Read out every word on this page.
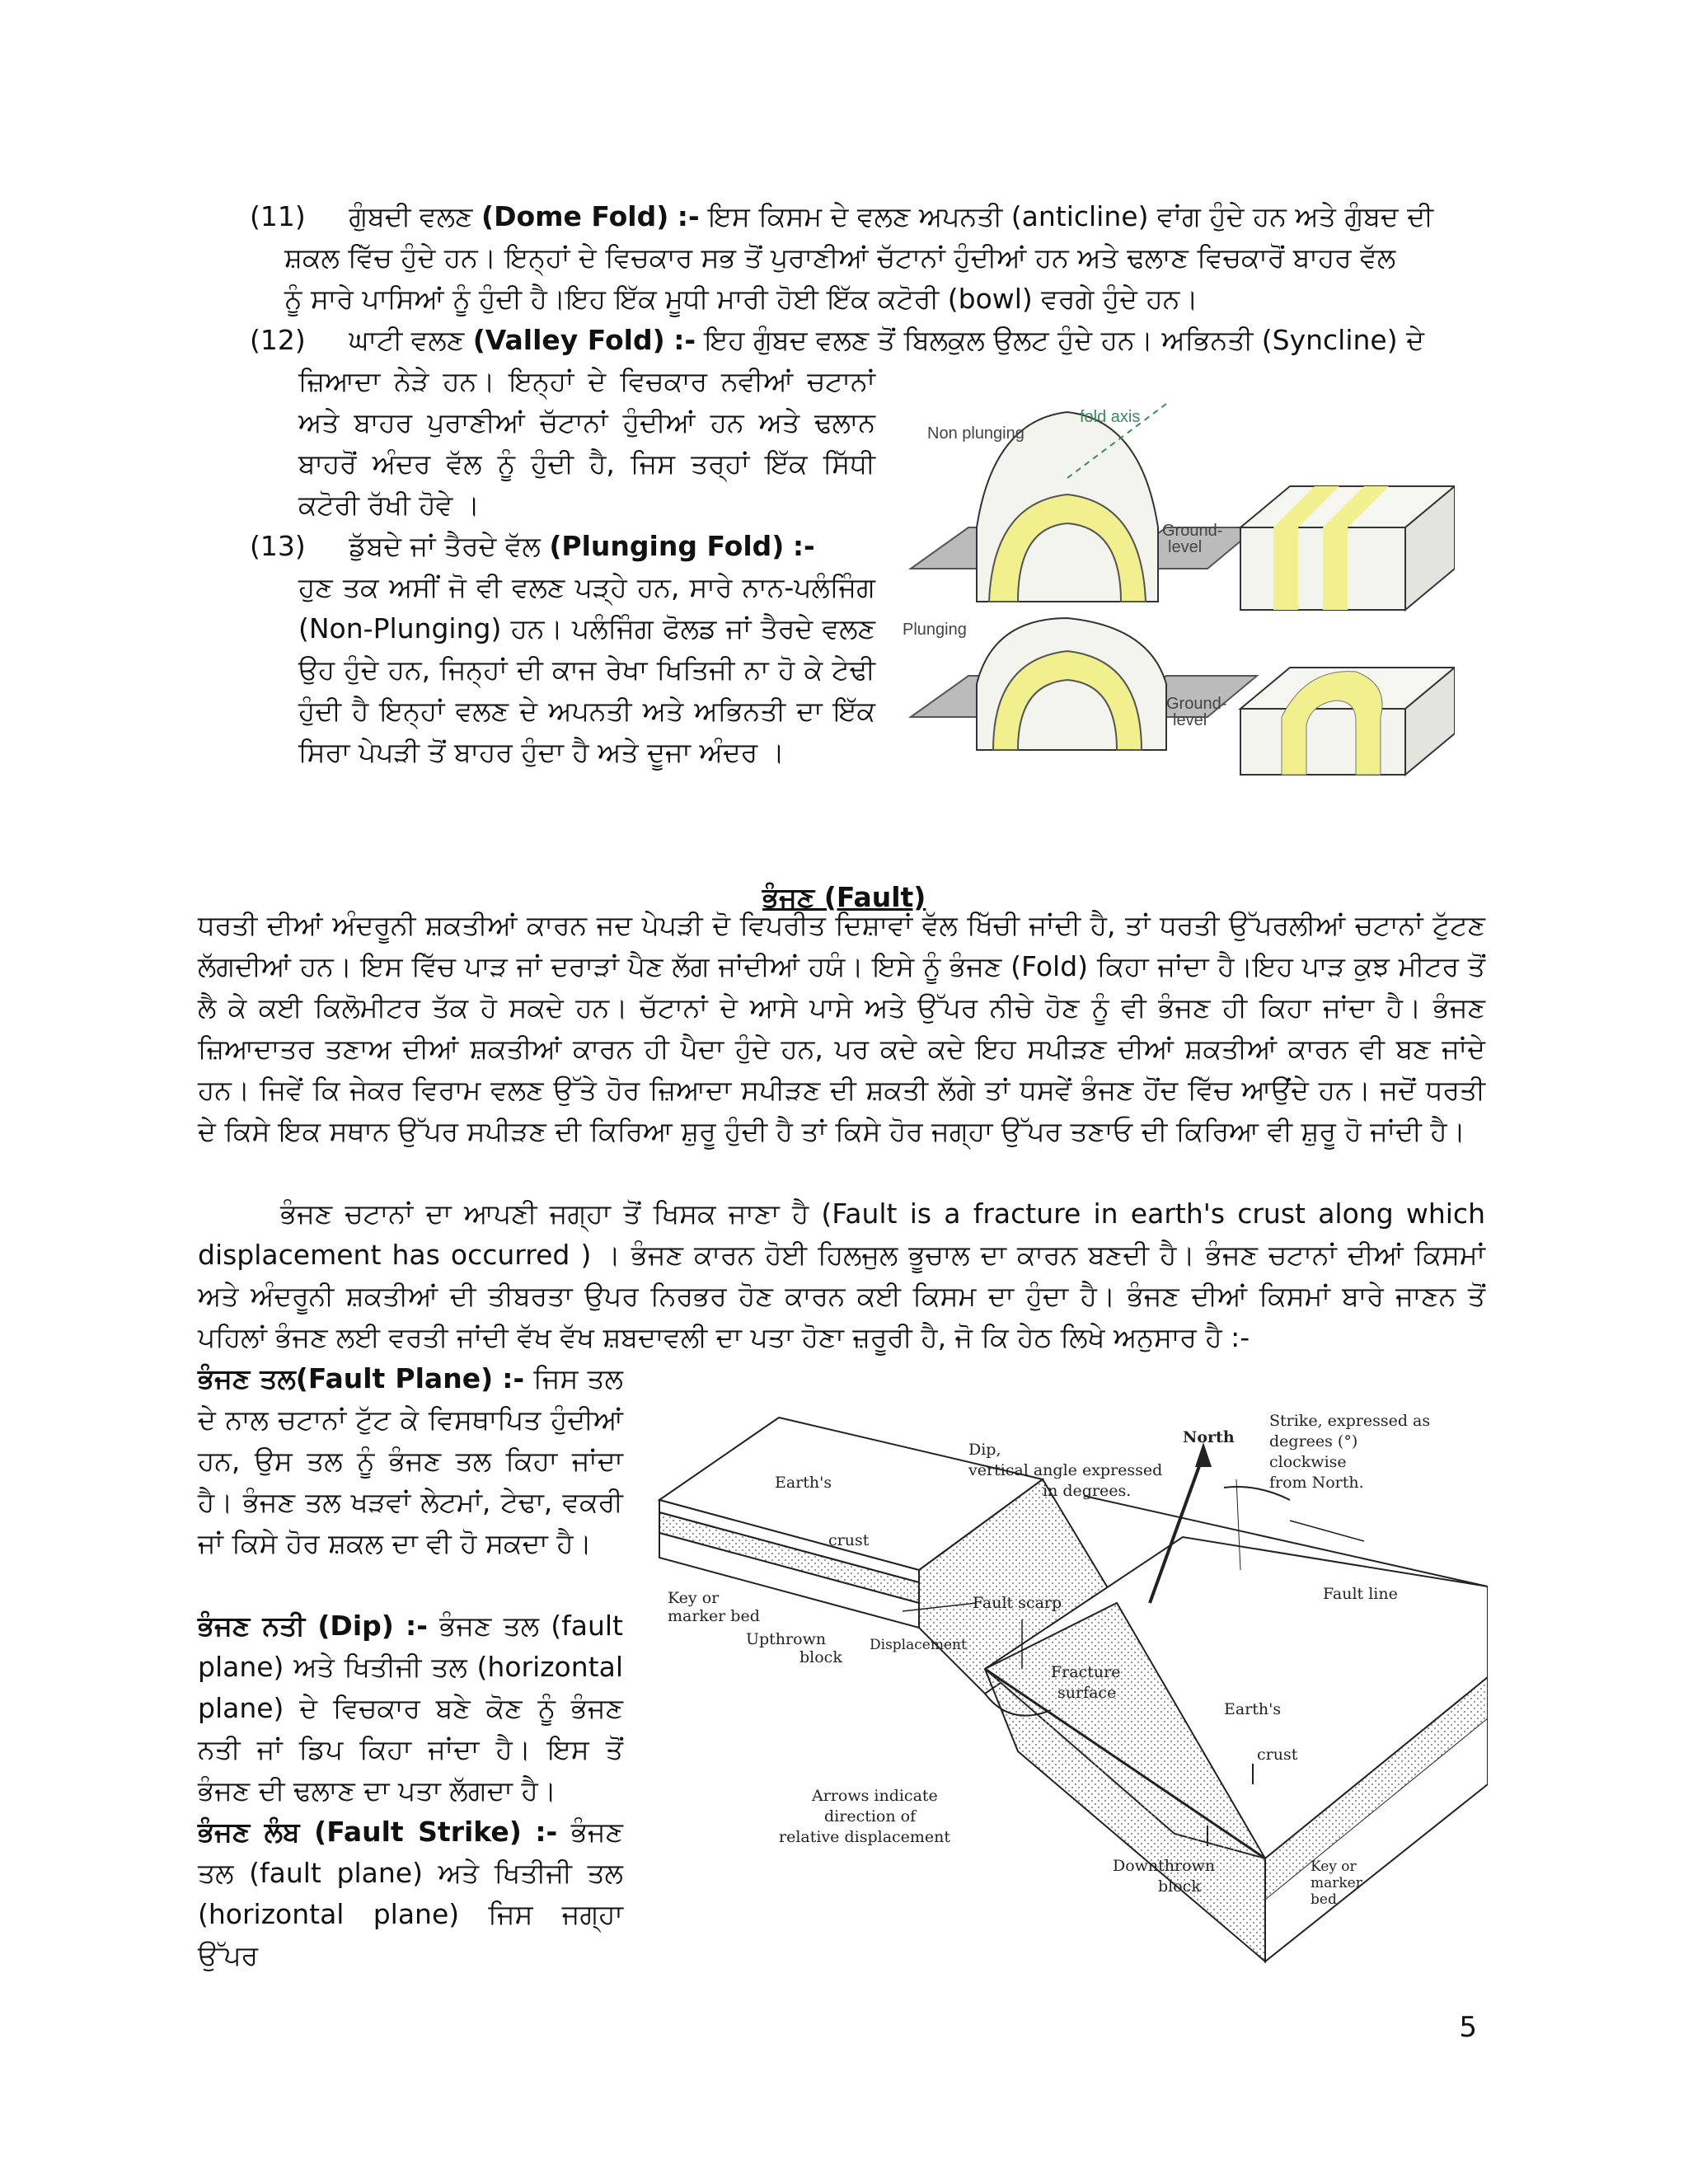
(11) ਗੁੰਬਦੀ ਵਲਣ (Dome Fold) :- ਇਸ ਕਿਸਮ ਦੇ ਵਲਣ ਅਪਨਤੀ (anticline) ਵਾਂਗ ਹੁੰਦੇ ਹਨ ਅਤੇ ਗੁੰਬਦ ਦੀ
ਸ਼ਕਲ ਵਿੱਚ ਹੁੰਦੇ ਹਨ। ਇਨ੍ਹਾਂ ਦੇ ਵਿਚਕਾਰ ਸਭ ਤੋਂ ਪੁਰਾਣੀਆਂ ਚੱਟਾਨਾਂ ਹੁੰਦੀਆਂ ਹਨ ਅਤੇ ਢਲਾਣ ਵਿਚਕਾਰੋਂ ਬਾਹਰ ਵੱਲ
ਨੂੰ ਸਾਰੇ ਪਾਸਿਆਂ ਨੂੰ ਹੁੰਦੀ ਹੈ।ਇਹ ਇੱਕ ਮੂਧੀ ਮਾਰੀ ਹੋਈ ਇੱਕ ਕਟੋਰੀ (bowl) ਵਰਗੇ ਹੁੰਦੇ ਹਨ।
(12) ਘਾਟੀ ਵਲਣ (Valley Fold) :- ਇਹ ਗੁੰਬਦ ਵਲਣ ਤੋਂ ਬਿਲਕੁਲ ਉਲਟ ਹੁੰਦੇ ਹਨ। ਅਭਿਨਤੀ (Syncline) ਦੇ

ਜ਼ਿਆਦਾ ਨੇੜੇ ਹਨ। ਇਨ੍ਹਾਂ ਦੇ ਵਿਚਕਾਰ ਨਵੀਆਂ ਚਟਾਨਾਂ ਅਤੇ ਬਾਹਰ ਪੁਰਾਣੀਆਂ ਚੱਟਾਨਾਂ ਹੁੰਦੀਆਂ ਹਨ ਅਤੇ ਢਲਾਨ ਬਾਹਰੋਂ ਅੰਦਰ ਵੱਲ ਨੂੰ ਹੁੰਦੀ ਹੈ, ਜਿਸ ਤਰ੍ਹਾਂ ਇੱਕ ਸਿੱਧੀ ਕਟੋਰੀ ਰੱਖੀ ਹੋਵੇ ।

(13) ਡੁੱਬਦੇ ਜਾਂ ਤੈਰਦੇ ਵੱਲ (Plunging Fold) :-

ਹੁਣ ਤਕ ਅਸੀਂ ਜੋ ਵੀ ਵਲਣ ਪੜ੍ਹੇ ਹਨ, ਸਾਰੇ ਨਾਨ-ਪਲੰਜਿੰਗ (Non-Plunging) ਹਨ। ਪਲੰਜਿੰਗ ਫੋਲਡ ਜਾਂ ਤੈਰਦੇ ਵਲਣ ਉਹ ਹੁੰਦੇ ਹਨ, ਜਿਨ੍ਹਾਂ ਦੀ ਕਾਜ ਰੇਖਾ ਖਿਤਿਜੀ ਨਾ ਹੋ ਕੇ ਟੇਢੀ ਹੁੰਦੀ ਹੈ ਇਨ੍ਹਾਂ ਵਲਣ ਦੇ ਅਪਨਤੀ ਅਤੇ ਅਭਿਨਤੀ ਦਾ ਇੱਕ ਸਿਰਾ ਪੇਪੜੀ ਤੋਂ ਬਾਹਰ ਹੁੰਦਾ ਹੈ ਅਤੇ ਦੂਜਾ ਅੰਦਰ ।

Non plunging
fold axis
Ground-
level
Plunging
Ground-
level
ਭੰਜਣ (Fault)

ਧਰਤੀ ਦੀਆਂ ਅੰਦਰੂਨੀ ਸ਼ਕਤੀਆਂ ਕਾਰਨ ਜਦ ਪੇਪੜੀ ਦੋ ਵਿਪਰੀਤ ਦਿਸ਼ਾਵਾਂ ਵੱਲ ਖਿੱਚੀ ਜਾਂਦੀ ਹੈ, ਤਾਂ ਧਰਤੀ ਉੱਪਰਲੀਆਂ ਚਟਾਨਾਂ ਟੁੱਟਣ ਲੱਗਦੀਆਂ ਹਨ। ਇਸ ਵਿੱਚ ਪਾੜ ਜਾਂ ਦਰਾੜਾਂ ਪੈਣ ਲੱਗ ਜਾਂਦੀਆਂ ਹਯੰ। ਇਸੇ ਨੂੰ ਭੰਜਣ (Fold) ਕਿਹਾ ਜਾਂਦਾ ਹੈ।ਇਹ ਪਾੜ ਕੁਝ ਮੀਟਰ ਤੋਂ ਲੈ ਕੇ ਕਈ ਕਿਲੋਮੀਟਰ ਤੱਕ ਹੋ ਸਕਦੇ ਹਨ। ਚੱਟਾਨਾਂ ਦੇ ਆਸੇ ਪਾਸੇ ਅਤੇ ਉੱਪਰ ਨੀਚੇ ਹੋਣ ਨੂੰ ਵੀ ਭੰਜਣ ਹੀ ਕਿਹਾ ਜਾਂਦਾ ਹੈ। ਭੰਜਣ ਜ਼ਿਆਦਾਤਰ ਤਣਾਅ ਦੀਆਂ ਸ਼ਕਤੀਆਂ ਕਾਰਨ ਹੀ ਪੈਦਾ ਹੁੰਦੇ ਹਨ, ਪਰ ਕਦੇ ਕਦੇ ਇਹ ਸਪੀੜਣ ਦੀਆਂ ਸ਼ਕਤੀਆਂ ਕਾਰਨ ਵੀ ਬਣ ਜਾਂਦੇ ਹਨ। ਜਿਵੇਂ ਕਿ ਜੇਕਰ ਵਿਰਾਮ ਵਲਣ ਉੱਤੇ ਹੋਰ ਜ਼ਿਆਦਾ ਸਪੀੜਣ ਦੀ ਸ਼ਕਤੀ ਲੱਗੇ ਤਾਂ ਧਸਵੇਂ ਭੰਜਣ ਹੋਂਦ ਵਿੱਚ ਆਉਂਦੇ ਹਨ। ਜਦੋਂ ਧਰਤੀ ਦੇ ਕਿਸੇ ਇਕ ਸਥਾਨ ਉੱਪਰ ਸਪੀੜਣ ਦੀ ਕਿਰਿਆ ਸ਼ੁਰੂ ਹੁੰਦੀ ਹੈ ਤਾਂ ਕਿਸੇ ਹੋਰ ਜਗ੍ਹਾ ਉੱਪਰ ਤਣਾਓ ਦੀ ਕਿਰਿਆ ਵੀ ਸ਼ੁਰੂ ਹੋ ਜਾਂਦੀ ਹੈ।

ਭੰਜਣ ਚਟਾਨਾਂ ਦਾ ਆਪਣੀ ਜਗ੍ਹਾ ਤੋਂ ਖਿਸਕ ਜਾਣਾ ਹੈ (Fault is a fracture in earth's crust along which displacement has occurred ) । ਭੰਜਣ ਕਾਰਨ ਹੋਈ ਹਿਲਜੁਲ ਭੂਚਾਲ ਦਾ ਕਾਰਨ ਬਣਦੀ ਹੈ। ਭੰਜਣ ਚਟਾਨਾਂ ਦੀਆਂ ਕਿਸਮਾਂ ਅਤੇ ਅੰਦਰੂਨੀ ਸ਼ਕਤੀਆਂ ਦੀ ਤੀਬਰਤਾ ਉਪਰ ਨਿਰਭਰ ਹੋਣ ਕਾਰਨ ਕਈ ਕਿਸਮ ਦਾ ਹੁੰਦਾ ਹੈ। ਭੰਜਣ ਦੀਆਂ ਕਿਸਮਾਂ ਬਾਰੇ ਜਾਣਨ ਤੋਂ ਪਹਿਲਾਂ ਭੰਜਣ ਲਈ ਵਰਤੀ ਜਾਂਦੀ ਵੱਖ ਵੱਖ ਸ਼ਬਦਾਵਲੀ ਦਾ ਪਤਾ ਹੋਣਾ ਜ਼ਰੂਰੀ ਹੈ, ਜੋ ਕਿ ਹੇਠ ਲਿਖੇ ਅਨੁਸਾਰ ਹੈ :-

ਭੰਜਣ ਤਲ(Fault Plane) :- ਜਿਸ ਤਲ ਦੇ ਨਾਲ ਚਟਾਨਾਂ ਟੁੱਟ ਕੇ ਵਿਸਥਾਪਿਤ ਹੁੰਦੀਆਂ ਹਨ, ਉਸ ਤਲ ਨੂੰ ਭੰਜਣ ਤਲ ਕਿਹਾ ਜਾਂਦਾ ਹੈ। ਭੰਜਣ ਤਲ ਖੜਵਾਂ ਲੇਟਮਾਂ, ਟੇਢਾ, ਵਕਰੀ ਜਾਂ ਕਿਸੇ ਹੋਰ ਸ਼ਕਲ ਦਾ ਵੀ ਹੋ ਸਕਦਾ ਹੈ।

ਭੰਜਣ ਨਤੀ (Dip) :- ਭੰਜਣ ਤਲ (fault plane) ਅਤੇ ਖਿਤੀਜੀ ਤਲ (horizontal plane) ਦੇ ਵਿਚਕਾਰ ਬਣੇ ਕੋਣ ਨੂੰ ਭੰਜਣ ਨਤੀ ਜਾਂ ਡਿਪ ਕਿਹਾ ਜਾਂਦਾ ਹੈ। ਇਸ ਤੋਂ ਭੰਜਣ ਦੀ ਢਲਾਣ ਦਾ ਪਤਾ ਲੱਗਦਾ ਹੈ।

ਭੰਜਣ ਲੰਬ (Fault Strike) :- ਭੰਜਣ ਤਲ (fault plane) ਅਤੇ ਖਿਤੀਜੀ ਤਲ (horizontal plane) ਜਿਸ ਜਗ੍ਹਾ ਉੱਪਰ

North
Strike, expressed as
degrees (°)
clockwise
from North.
Dip,
vertical angle expressed
in degrees.
Earth's
crust
Key or
marker bed
Upthrown
block
Fault scarp
Displacement
Fault line
Fracture
surface
Earth's
crust
Arrows indicate
direction of
relative displacement
Downthrown
block
Key or
marker
bed
5
